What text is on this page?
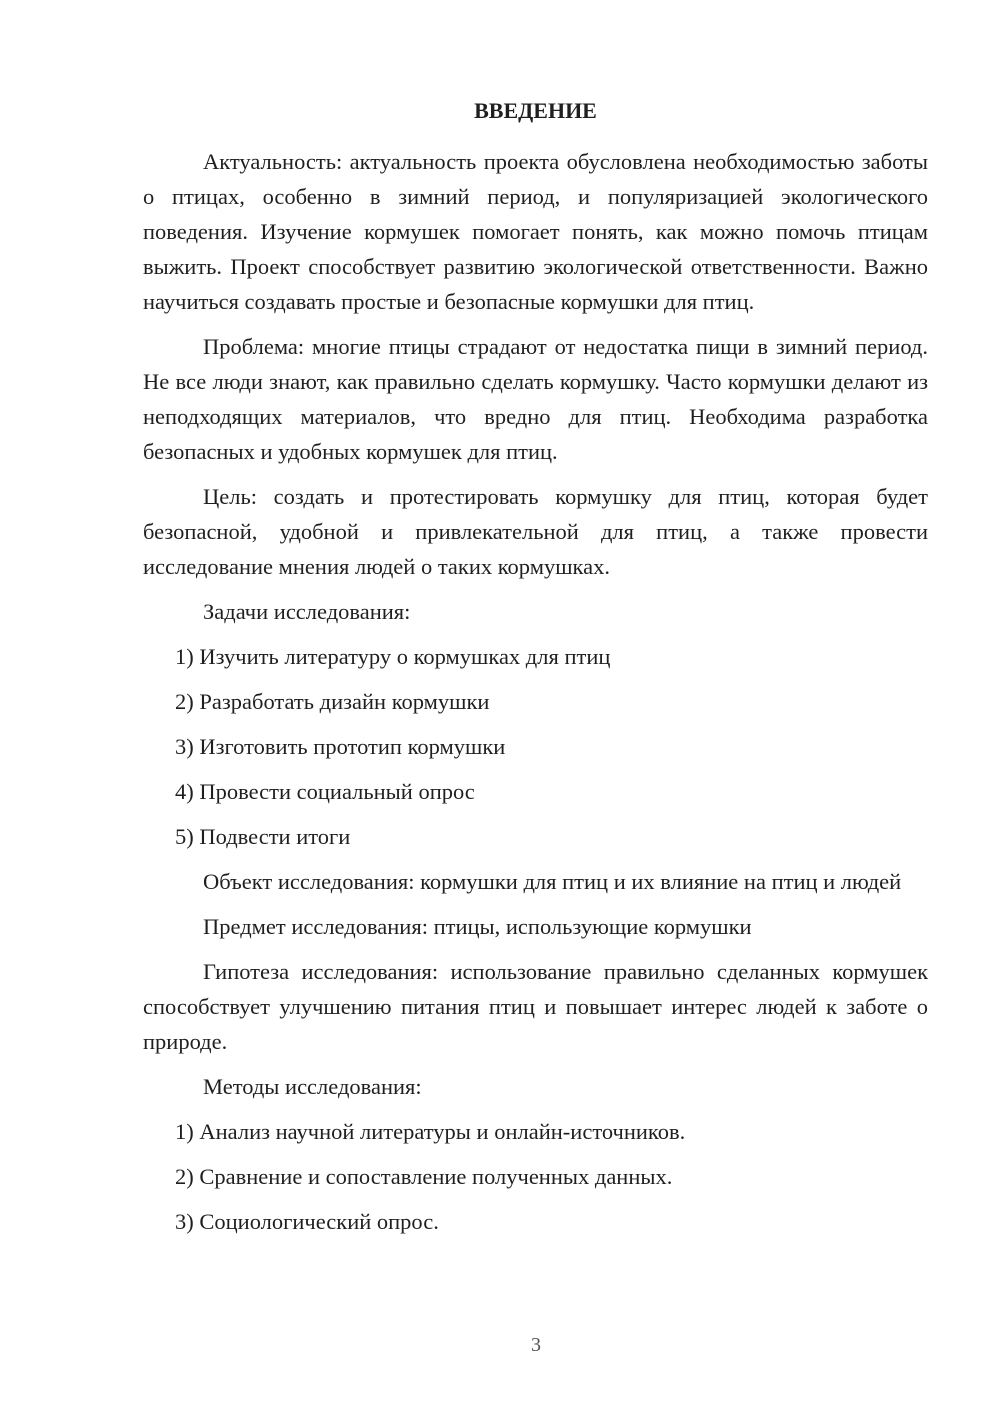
ВВЕДЕНИЕ

Актуальность: актуальность проекта обусловлена необходимостью заботы о птицах, особенно в зимний период, и популяризацией экологического поведения. Изучение кормушек помогает понять, как можно помочь птицам выжить. Проект способствует развитию экологической ответственности. Важно научиться создавать простые и безопасные кормушки для птиц.

Проблема: многие птицы страдают от недостатка пищи в зимний период. Не все люди знают, как правильно сделать кормушку. Часто кормушки делают из неподходящих материалов, что вредно для птиц. Необходима разработка безопасных и удобных кормушек для птиц.

Цель: создать и протестировать кормушку для птиц, которая будет безопасной, удобной и привлекательной для птиц, а также провести исследование мнения людей о таких кормушках.

Задачи исследования:

1) Изучить литературу о кормушках для птиц

2) Разработать дизайн кормушки

3) Изготовить прототип кормушки

4) Провести социальный опрос

5) Подвести итоги

Объект исследования: кормушки для птиц и их влияние на птиц и людей

Предмет исследования: птицы, использующие кормушки

Гипотеза исследования: использование правильно сделанных кормушек способствует улучшению питания птиц и повышает интерес людей к заботе о природе.

Методы исследования:

1) Анализ научной литературы и онлайн-источников.

2) Сравнение и сопоставление полученных данных.

3) Социологический опрос.

3
